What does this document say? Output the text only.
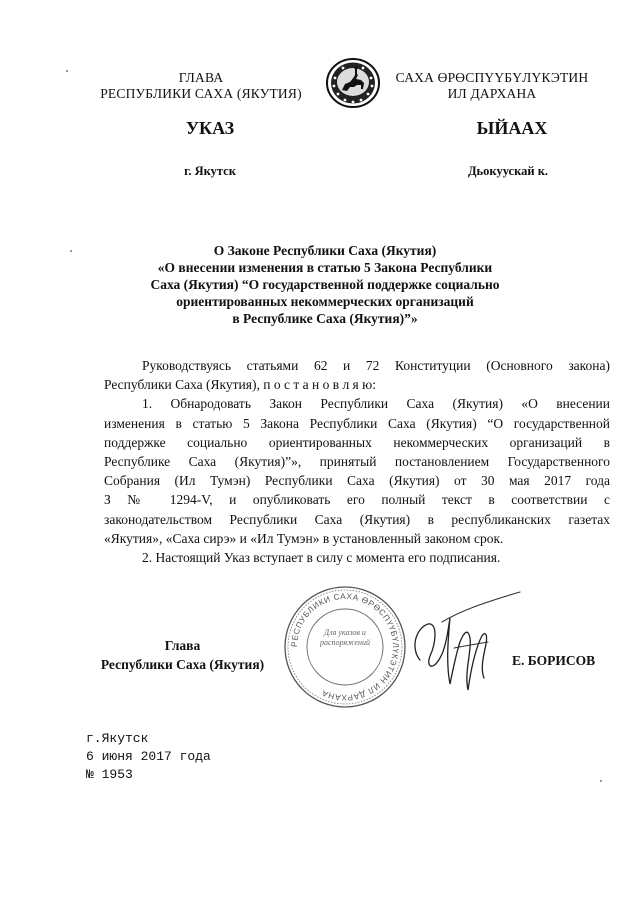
ГЛАВА
РЕСПУБЛИКИ САХА (ЯКУТИЯ)
САХА ӨРӨСПҮҮБҮЛҮКЭТИН
ИЛ ДАРХАНА
УКАЗ	ЫЙААХ
г. Якутск	Дьокуускай к.
О Законе Республики Саха (Якутия)
«О внесении изменения в статью 5 Закона Республики
Саха (Якутия) “О государственной поддержке социально
ориентированных некоммерческих организаций
в Республике Саха (Якутия)”»
Руководствуясь статьями 62 и 72 Конституции (Основного закона)
Республики Саха (Якутия), п о с т а н о в л я ю:
1. Обнародовать Закон Республики Саха (Якутия) «О внесении
изменения в статью 5 Закона Республики Саха (Якутия) “О государственной
поддержке социально ориентированных некоммерческих организаций в
Республике Саха (Якутия)”», принятый постановлением Государственного
Собрания (Ил Тумэн) Республики Саха (Якутия) от 30 мая 2017 года
З № 1294-V, и опубликовать его полный текст в соответствии с
законодательством Республики Саха (Якутия) в республиканских газетах
«Якутия», «Саха сирэ» и «Ил Тумэн» в установленный законом срок.
2. Настоящий Указ вступает в силу с момента его подписания.
Глава
Республики Саха (Якутия)
РЕСПУБЛИКИ САХА ӨРӨСПҮҮБҮЛҮКЭТИН ИЛ ДАРХАНА
Для указов и распоряжений
Е. БОРИСОВ
г.Якутск
6 июня 2017 года
№ 1953
